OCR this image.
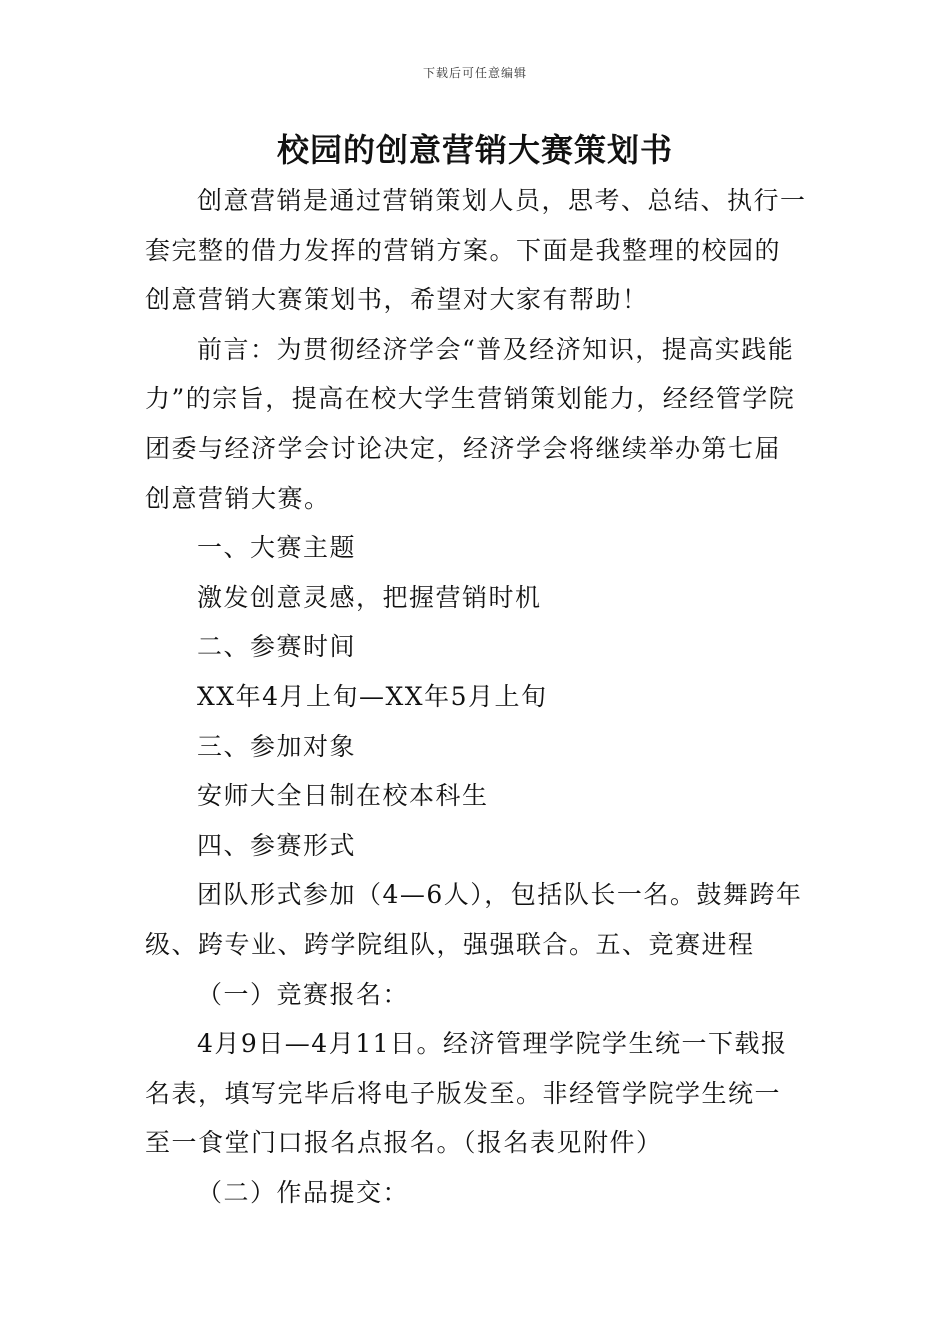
下载后可任意编辑
校园的创意营销大赛策划书

创意营销是通过营销策划人员，思考、总结、执行一套完整的借力发挥的营销方案。下面是我整理的校园的创意营销大赛策划书，希望对大家有帮助！

前言：为贯彻经济学会“普及经济知识，提高实践能力”的宗旨，提高在校大学生营销策划能力，经经管学院团委与经济学会讨论决定，经济学会将继续举办第七届创意营销大赛。

一、大赛主题

激发创意灵感，把握营销时机

二、参赛时间

XX年4月上旬—XX年5月上旬

三、参加对象

安师大全日制在校本科生

四、参赛形式

团队形式参加（4—6人），包括队长一名。鼓舞跨年级、跨专业、跨学院组队，强强联合。五、竞赛进程

（一）竞赛报名：

4月9日—4月11日。经济管理学院学生统一下载报名表，填写完毕后将电子版发至。非经管学院学生统一至一食堂门口报名点报名。（报名表见附件）

（二）作品提交：
